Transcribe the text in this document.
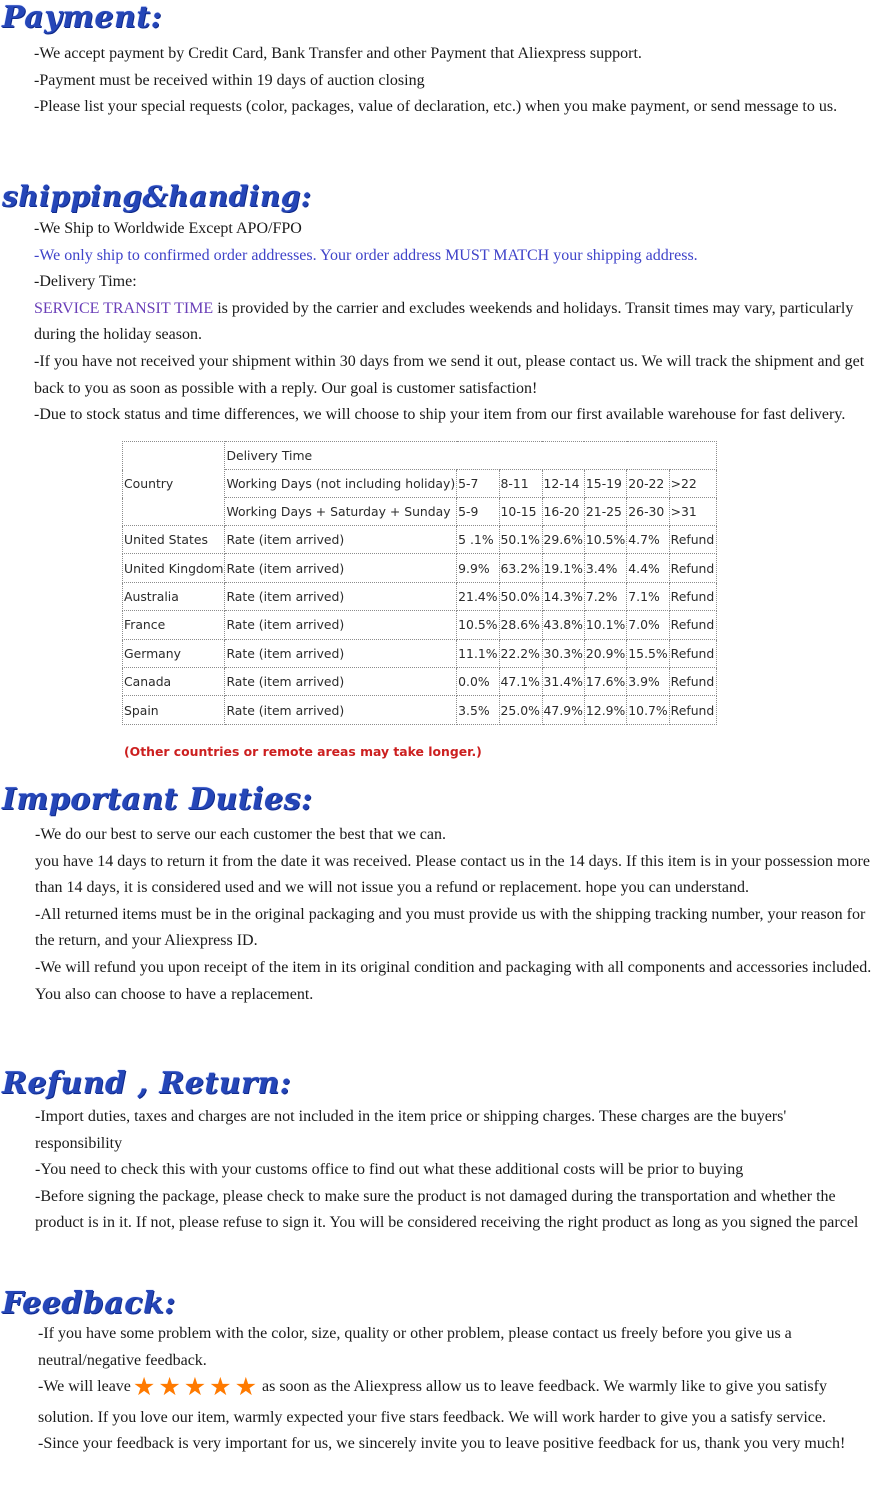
Payment:

-We accept payment by Credit Card, Bank Transfer and other Payment that Aliexpress support.

-Payment must be received within 19 days of auction closing

-Please list your special requests (color, packages, value of declaration, etc.) when you make payment, or send message to us.

shipping&handing:

-We Ship to Worldwide Except APO/FPO

-We only ship to confirmed order addresses. Your order address MUST MATCH your shipping address.

-Delivery Time:

SERVICE TRANSIT TIME is provided by the carrier and excludes weekends and holidays. Transit times may vary, particularly during the holiday season.

-If you have not received your shipment within 30 days from we send it out, please contact us. We will track the shipment and get back to you as soon as possible with a reply. Our goal is customer satisfaction!

-Due to stock status and time differences, we will choose to ship your item from our first available warehouse for fast delivery.

Country	Delivery Time						
	Working Days (not including holiday)	5-7	8-11	12-14	15-19	20-22	>22
	Working Days + Saturday + Sunday	5-9	10-15	16-20	21-25	26-30	>31
United States	Rate (item arrived)	5 .1%	50.1%	29.6%	10.5%	4.7%	Refund
United Kingdom	Rate (item arrived)	9.9%	63.2%	19.1%	3.4%	4.4%	Refund
Australia	Rate (item arrived)	21.4%	50.0%	14.3%	7.2%	7.1%	Refund
France	Rate (item arrived)	10.5%	28.6%	43.8%	10.1%	7.0%	Refund
Germany	Rate (item arrived)	11.1%	22.2%	30.3%	20.9%	15.5%	Refund
Canada	Rate (item arrived)	0.0%	47.1%	31.4%	17.6%	3.9%	Refund
Spain	Rate (item arrived)	3.5%	25.0%	47.9%	12.9%	10.7%	Refund
(Other countries or remote areas may take longer.)
Important Duties:

-We do our best to serve our each customer the best that we can.

you have 14 days to return it from the date it was received. Please contact us in the 14 days. If this item is in your possession more than 14 days, it is considered used and we will not issue you a refund or replacement. hope you can understand.

-All returned items must be in the original packaging and you must provide us with the shipping tracking number, your reason for the return, and your Aliexpress ID.

-We will refund you upon receipt of the item in its original condition and packaging with all components and accessories included. You also can choose to have a replacement.

Refund , Return:

-Import duties, taxes and charges are not included in the item price or shipping charges. These charges are the buyers' responsibility

-You need to check this with your customs office to find out what these additional costs will be prior to buying

-Before signing the package, please check to make sure the product is not damaged during the transportation and whether the product is in it. If not, please refuse to sign it. You will be considered receiving the right product as long as you signed the parcel

Feedback:

-If you have some problem with the color, size, quality or other problem, please contact us freely before you give us a neutral/negative feedback.

-We will leave★ ★ ★ ★ ★ as soon as the Aliexpress allow us to leave feedback. We warmly like to give you satisfy solution. If you love our item, warmly expected your five stars feedback. We will work harder to give you a satisfy service.

-Since your feedback is very important for us, we sincerely invite you to leave positive feedback for us, thank you very much!
